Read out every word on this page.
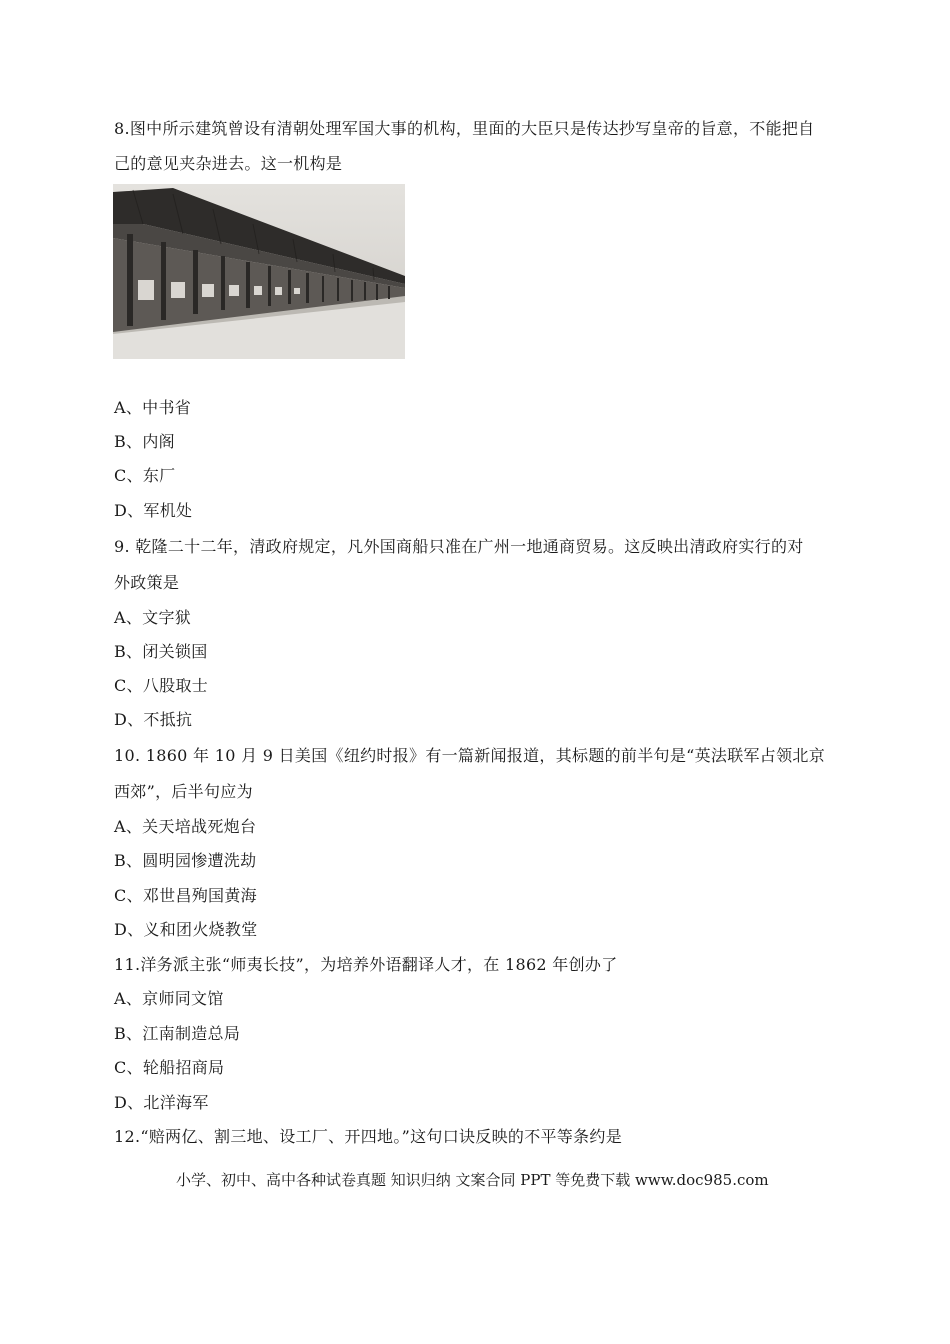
8.图中所示建筑曾设有清朝处理军国大事的机构，里面的大臣只是传达抄写皇帝的旨意，不能把自
己的意见夹杂进去。这一机构是
A、中书省
B、内阁
C、东厂
D、军机处
9. 乾隆二十二年，清政府规定，凡外国商船只准在广州一地通商贸易。这反映出清政府实行的对
外政策是
A、文字狱
B、闭关锁国
C、八股取士
D、不抵抗
10. 1860 年 10 月 9 日美国《纽约时报》有一篇新闻报道，其标题的前半句是“英法联军占领北京
西郊”，后半句应为
A、关天培战死炮台
B、圆明园惨遭洗劫
C、邓世昌殉国黄海
D、义和团火烧教堂
11.洋务派主张“师夷长技”，为培养外语翻译人才，在 1862 年创办了
A、京师同文馆
B、江南制造总局
C、轮船招商局
D、北洋海军
12.“赔两亿、割三地、设工厂、开四地。”这句口诀反映的不平等条约是
小学、初中、高中各种试卷真题 知识归纳 文案合同 PPT 等免费下载 www.doc985.com
